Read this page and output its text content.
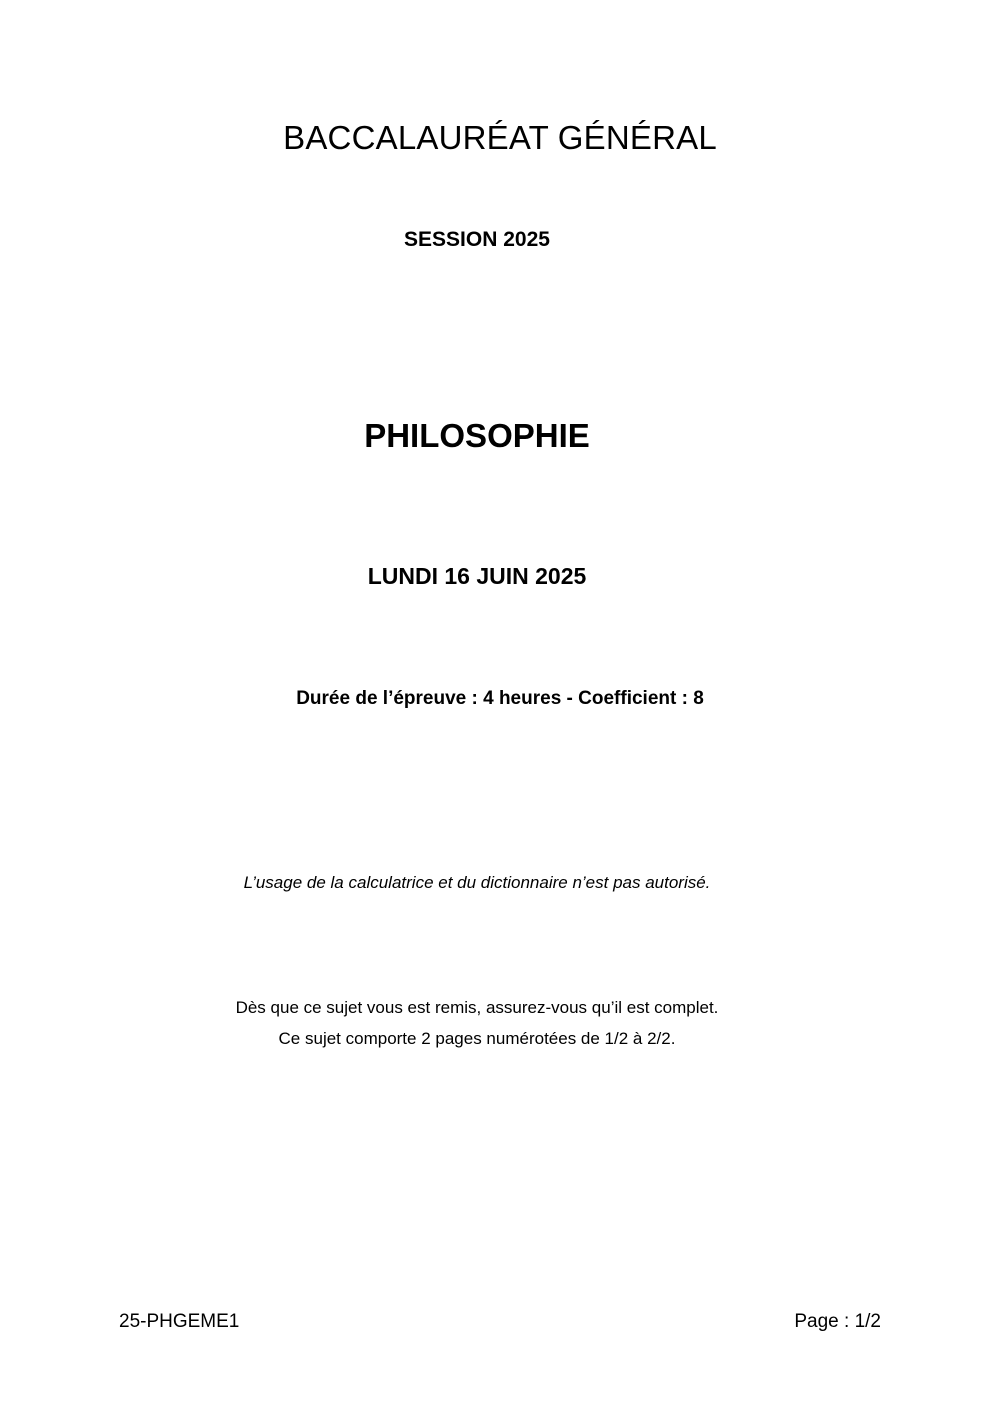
BACCALAURÉAT GÉNÉRAL
SESSION 2025
PHILOSOPHIE
LUNDI 16 JUIN 2025
Durée de l’épreuve : 4 heures - Coefficient : 8
L’usage de la calculatrice et du dictionnaire n’est pas autorisé.
Dès que ce sujet vous est remis, assurez-vous qu’il est complet.
Ce sujet comporte 2 pages numérotées de 1/2 à 2/2.
25-PHGEME1	Page : 1/2
